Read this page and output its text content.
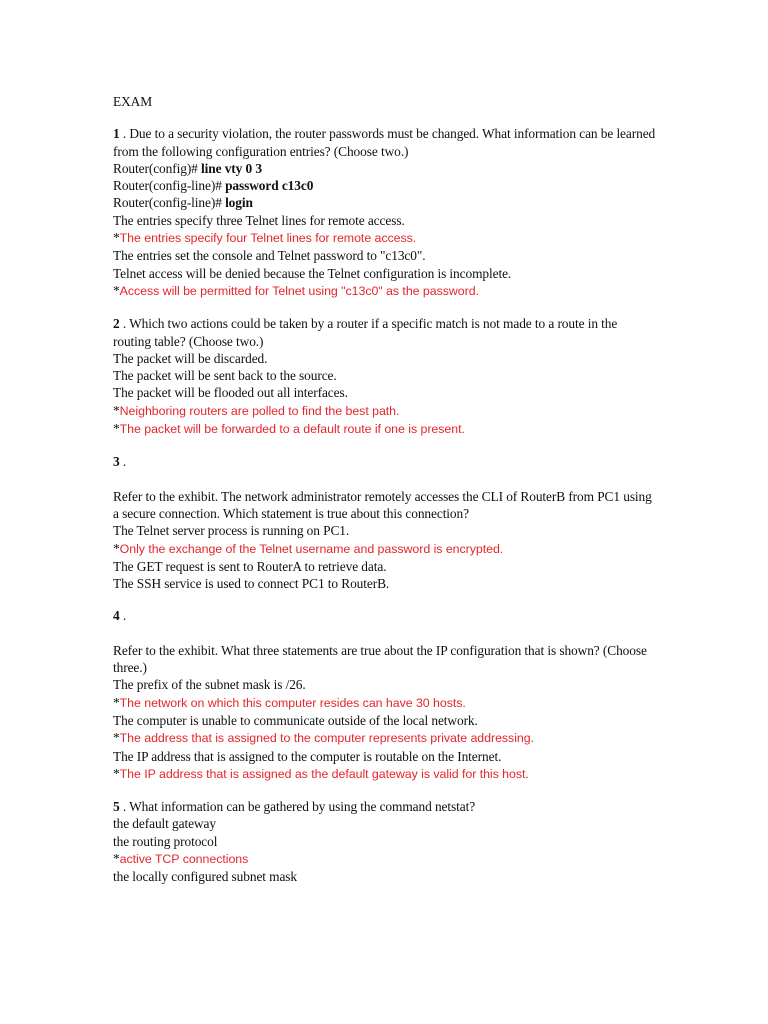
EXAM
1 . Due to a security violation, the router passwords must be changed. What information can be learned from the following configuration entries? (Choose two.)
Router(config)# line vty 0 3
Router(config-line)# password c13c0
Router(config-line)# login
The entries specify three Telnet lines for remote access.
*The entries specify four Telnet lines for remote access.
The entries set the console and Telnet password to "c13c0".
Telnet access will be denied because the Telnet configuration is incomplete.
*Access will be permitted for Telnet using "c13c0" as the password.
2 . Which two actions could be taken by a router if a specific match is not made to a route in the routing table? (Choose two.)
The packet will be discarded.
The packet will be sent back to the source.
The packet will be flooded out all interfaces.
*Neighboring routers are polled to find the best path.
*The packet will be forwarded to a default route if one is present.
3 .
Refer to the exhibit. The network administrator remotely accesses the CLI of RouterB from PC1 using a secure connection. Which statement is true about this connection?
The Telnet server process is running on PC1.
*Only the exchange of the Telnet username and password is encrypted.
The GET request is sent to RouterA to retrieve data.
The SSH service is used to connect PC1 to RouterB.
4 .
Refer to the exhibit. What three statements are true about the IP configuration that is shown? (Choose three.)
The prefix of the subnet mask is /26.
*The network on which this computer resides can have 30 hosts.
The computer is unable to communicate outside of the local network.
*The address that is assigned to the computer represents private addressing.
The IP address that is assigned to the computer is routable on the Internet.
*The IP address that is assigned as the default gateway is valid for this host.
5 . What information can be gathered by using the command netstat?
the default gateway
the routing protocol
*active TCP connections
the locally configured subnet mask
